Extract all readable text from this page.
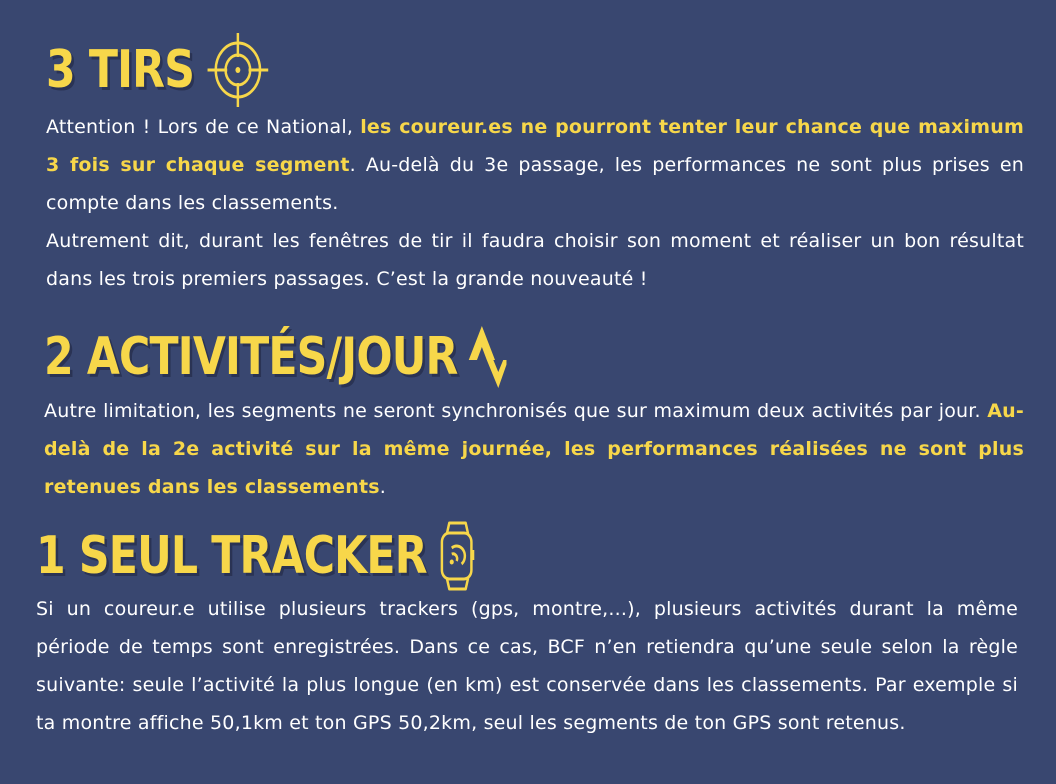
3 TIRS

Attention ! Lors de ce National, les coureur.es ne pourront tenter leur chance que maximum 3 fois sur chaque segment. Au-delà du 3e passage, les performances ne sont plus prises en compte dans les classements.

Autrement dit, durant les fenêtres de tir il faudra choisir son moment et réaliser un bon résultat dans les trois premiers passages. C’est la grande nouveauté !

2 ACTIVITÉS/JOUR

Autre limitation, les segments ne seront synchronisés que sur maximum deux activités par jour. Au-delà de la 2e activité sur la même journée, les performances réalisées ne sont plus retenues dans les classements.

1 SEUL TRACKER

Si un coureur.e utilise plusieurs trackers (gps, montre,...), plusieurs activités durant la même période de temps sont enregistrées. Dans ce cas, BCF n’en retiendra qu’une seule selon la règle suivante: seule l’activité la plus longue (en km) est conservée dans les classements. Par exemple si ta montre affiche 50,1km et ton GPS 50,2km, seul les segments de ton GPS sont retenus.
